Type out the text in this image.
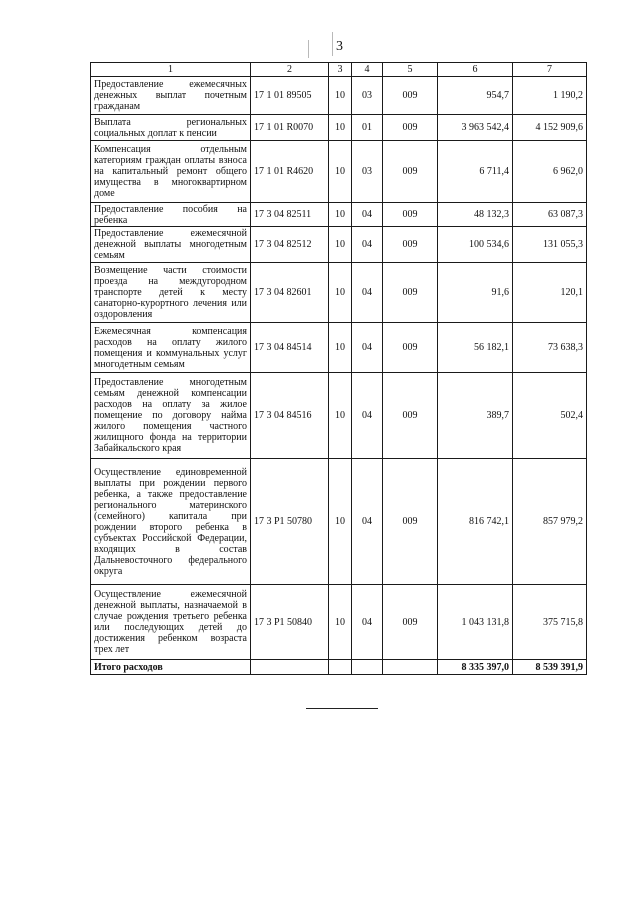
3
1	2	3	4	5	6	7
Предоставление ежемесячных денежных выплат почетным гражданам	17 1 01 89505	10	03	009	954,7	1 190,2
Выплата региональных социальных доплат к пенсии	17 1 01 R0070	10	01	009	3 963 542,4	4 152 909,6
Компенсация отдельным категориям граждан оплаты взноса на капитальный ремонт общего имущества в многоквартирном доме	17 1 01 R4620	10	03	009	6 711,4	6 962,0
Предоставление пособия на ребенка	17 3 04 82511	10	04	009	48 132,3	63 087,3
Предоставление ежемесячной денежной выплаты многодетным семьям	17 3 04 82512	10	04	009	100 534,6	131 055,3
Возмещение части стоимости проезда на междугородном транспорте детей к месту санаторно-курортного лечения или оздоровления	17 3 04 82601	10	04	009	91,6	120,1
Ежемесячная компенсация расходов на оплату жилого помещения и коммунальных услуг многодетным семьям	17 3 04 84514	10	04	009	56 182,1	73 638,3
Предоставление многодетным семьям денежной компенсации расходов на оплату за жилое помещение по договору найма жилого помещения частного жилищного фонда на территории Забайкальского края	17 3 04 84516	10	04	009	389,7	502,4
Осуществление единовременной выплаты при рождении первого ребенка, а также предоставление регионального материнского (семейного) капитала при рождении второго ребенка в субъектах Российской Федерации, входящих в состав Дальневосточного федерального округа	17 3 P1 50780	10	04	009	816 742,1	857 979,2
Осуществление ежемесячной денежной выплаты, назначаемой в случае рождения третьего ребенка или последующих детей до достижения ребенком возраста трех лет	17 3 P1 50840	10	04	009	1 043 131,8	375 715,8
Итого расходов					8 335 397,0	8 539 391,9
